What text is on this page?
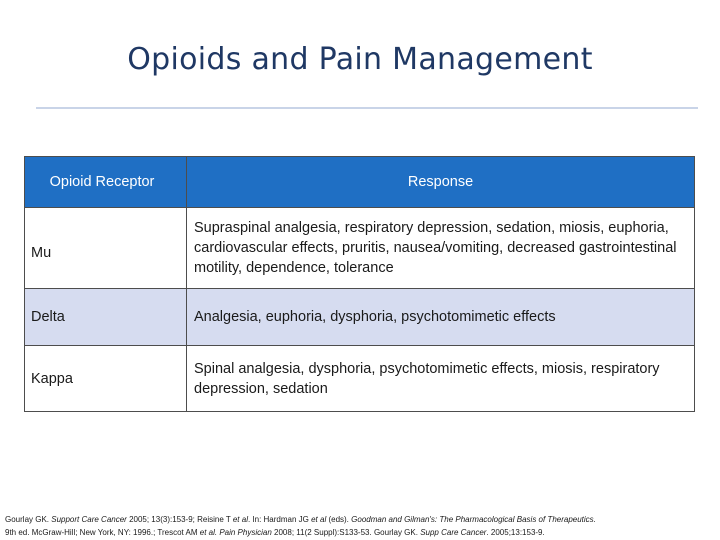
Opioids and Pain Management
Opioid Receptor	Response
Mu	Supraspinal analgesia, respiratory depression, sedation, miosis, euphoria, cardiovascular effects, pruritis, nausea/vomiting, decreased gastrointestinal motility, dependence, tolerance
Delta	Analgesia, euphoria, dysphoria, psychotomimetic effects
Kappa	Spinal analgesia, dysphoria, psychotomimetic effects, miosis, respiratory depression, sedation
Gourlay GK. Support Care Cancer 2005; 13(3):153-9; Reisine T et al. In: Hardman JG et al (eds). Goodman and Gilman's: The Pharmacological Basis of Therapeutics.
9th ed. McGraw-Hill; New York, NY: 1996.; Trescot AM et al. Pain Physician 2008; 11(2 Suppl):S133-53. Gourlay GK. Supp Care Cancer. 2005;13:153-9.
